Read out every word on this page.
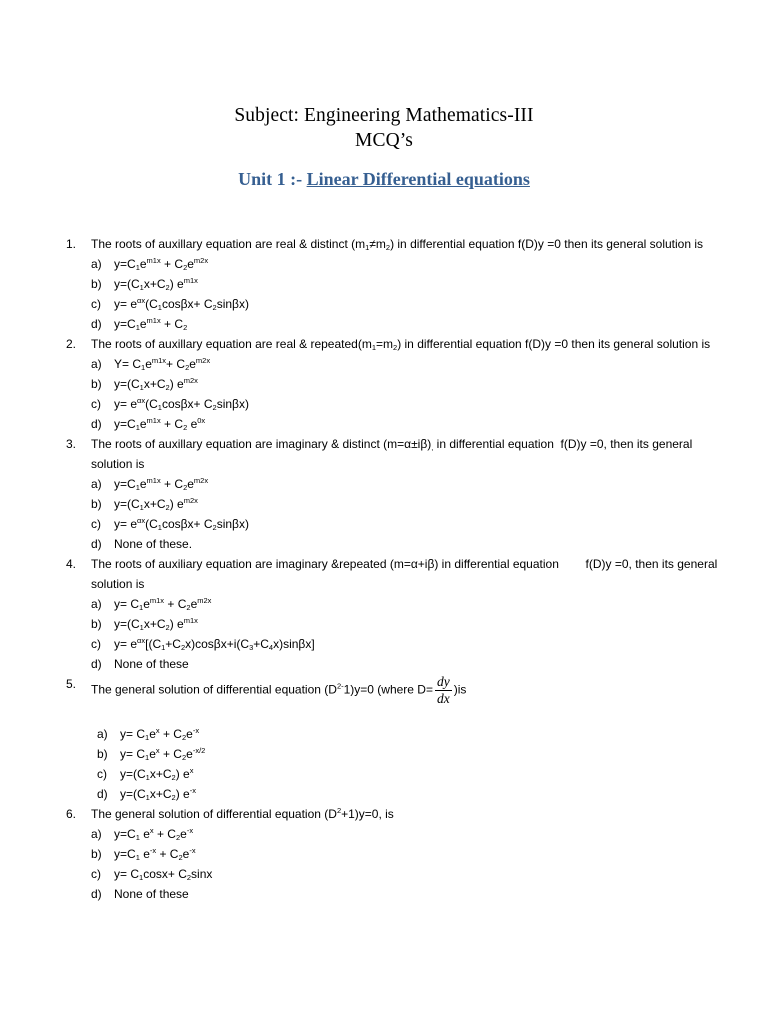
Subject: Engineering Mathematics-III
MCQ’s
Unit 1 :- Linear Differential equations
1. The roots of auxillary equation are real & distinct $(m_1\ne m_2)$ in differential equation f(D)y =0 then its general solution is
a) $y=C_1e^{m1x} + C_2e^{m2x}$
b) $y=(C_1x+C_2)$ $e^{m1x}$
c) $y= e^{\alpha x}(C_1\cos\beta x+ C_2\sin\beta x)$
d) $y=C_1e^{m1x} + C_2$
2. The roots of auxillary equation are real & $repeated(m_1=m_2)$ in differential equation f(D)y =0 then its general solution is
a) $Y= C_1e^{m1x}+ C_2e^{m2x}$
b) $y=(C_1x+C_2)$ $e^{m2x}$
c) $y= e^{\alpha x}(C_1\cos\beta x+ C_2\sin\beta x)$
d) $y=C_1e^{m1x} + C_2$ $e^{0x}$
3. The roots of auxillary equation are imaginary & distinct $(m=\alpha\pm i\beta)_,$ in differential equation  f(D)y =0, then its general solution is
a) $y=C_1e^{m1x} + C_2e^{m2x}$
b) $y=(C_1x+C_2)$ $e^{m2x}$
c) $y= e^{\alpha x}(C_1\cos\beta x+ C_2\sin\beta x)$
d) None of these.
4. The roots of auxiliary equation are imaginary &repeated (m=α+iβ) in differential equation        f(D)y =0, then its general solution is
a) $y= C_1e^{m1x} + C_2e^{m2x}$
b) $y=(C_1x+C_2)$ $e^{m1x}$
c) $y= e^{\alpha x}[(C_1+C_2x)\cos\beta x+i(C_3+C_4x)\sin\beta x]$
d) None of these
5. The general solution of differential equation $(D^{2-}1)y=0$ (where $D= \frac{dy}{dx} )is$
a) $y= C_1e^x + C_2e^{-x}$
b) $y= C_1e^x + C_2e^{-x/2}$
c) $y=(C_1x+C_2)$ $e^x$
d) $y=(C_1x+C_2)$ $e^{-x}$
6. The general solution of differential equation $(D^2+1)y=0$, is
a) $y=C_1$ $e^x + C_2e^{-x}$
b) $y=C_1$ $e^{-x} + C_2e^{-x}$
c) $y= C_1\cos x+ C_2\sin x$
d) None of these
